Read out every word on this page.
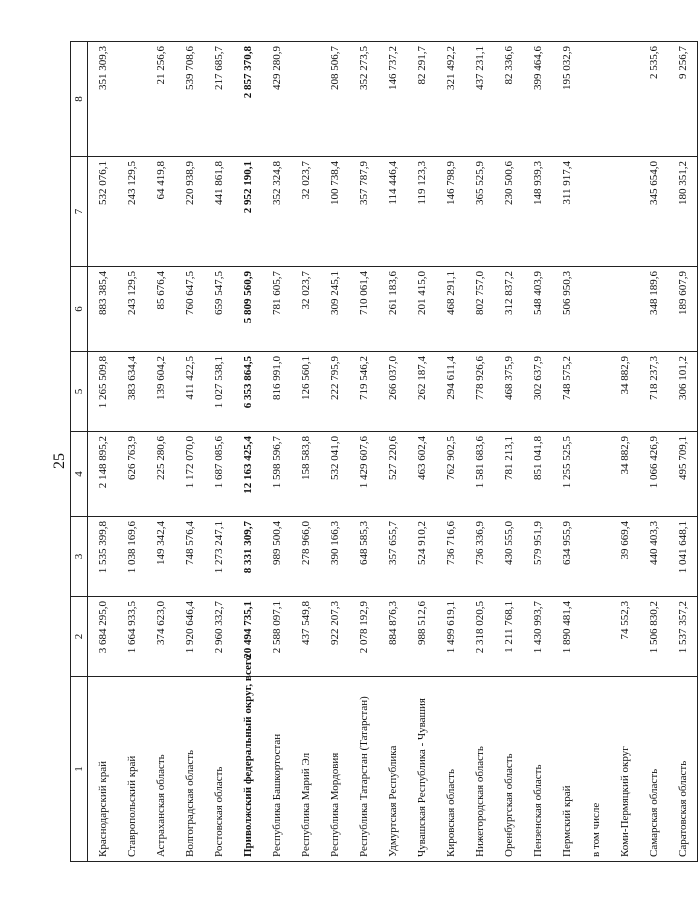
25
1	2	3	4	5	6	7	8
Краснодарский край	3 684 295,0	1 535 399,8	2 148 895,2	1 265 509,8	883 385,4	532 076,1	351 309,3
Ставропольский край	1 664 933,5	1 038 169,6	626 763,9	383 634,4	243 129,5	243 129,5	
Астраханская область	374 623,0	149 342,4	225 280,6	139 604,2	85 676,4	64 419,8	21 256,6
Волгоградская область	1 920 646,4	748 576,4	1 172 070,0	411 422,5	760 647,5	220 938,9	539 708,6
Ростовская область	2 960 332,7	1 273 247,1	1 687 085,6	1 027 538,1	659 547,5	441 861,8	217 685,7
Приволжский федеральный округ, всего	20 494 735,1	8 331 309,7	12 163 425,4	6 353 864,5	5 809 560,9	2 952 190,1	2 857 370,8
Республика Башкортостан	2 588 097,1	989 500,4	1 598 596,7	816 991,0	781 605,7	352 324,8	429 280,9
Республика Марий Эл	437 549,8	278 966,0	158 583,8	126 560,1	32 023,7	32 023,7	
Республика Мордовия	922 207,3	390 166,3	532 041,0	222 795,9	309 245,1	100 738,4	208 506,7
Республика Татарстан (Татарстан)	2 078 192,9	648 585,3	1 429 607,6	719 546,2	710 061,4	357 787,9	352 273,5
Удмуртская Республика	884 876,3	357 655,7	527 220,6	266 037,0	261 183,6	114 446,4	146 737,2
Чувашская Республика - Чувашия	988 512,6	524 910,2	463 602,4	262 187,4	201 415,0	119 123,3	82 291,7
Кировская область	1 499 619,1	736 716,6	762 902,5	294 611,4	468 291,1	146 798,9	321 492,2
Нижегородская область	2 318 020,5	736 336,9	1 581 683,6	778 926,6	802 757,0	365 525,9	437 231,1
Оренбургская область	1 211 768,1	430 555,0	781 213,1	468 375,9	312 837,2	230 500,6	82 336,6
Пензенская область	1 430 993,7	579 951,9	851 041,8	302 637,9	548 403,9	148 939,3	399 464,6
Пермский край	1 890 481,4	634 955,9	1 255 525,5	748 575,2	506 950,3	311 917,4	195 032,9
в том числе							
Коми-Пермяцкий округ	74 552,3	39 669,4	34 882,9	34 882,9			
Самарская область	1 506 830,2	440 403,3	1 066 426,9	718 237,3	348 189,6	345 654,0	2 535,6
Саратовская область	1 537 357,2	1 041 648,1	495 709,1	306 101,2	189 607,9	180 351,2	9 256,7
